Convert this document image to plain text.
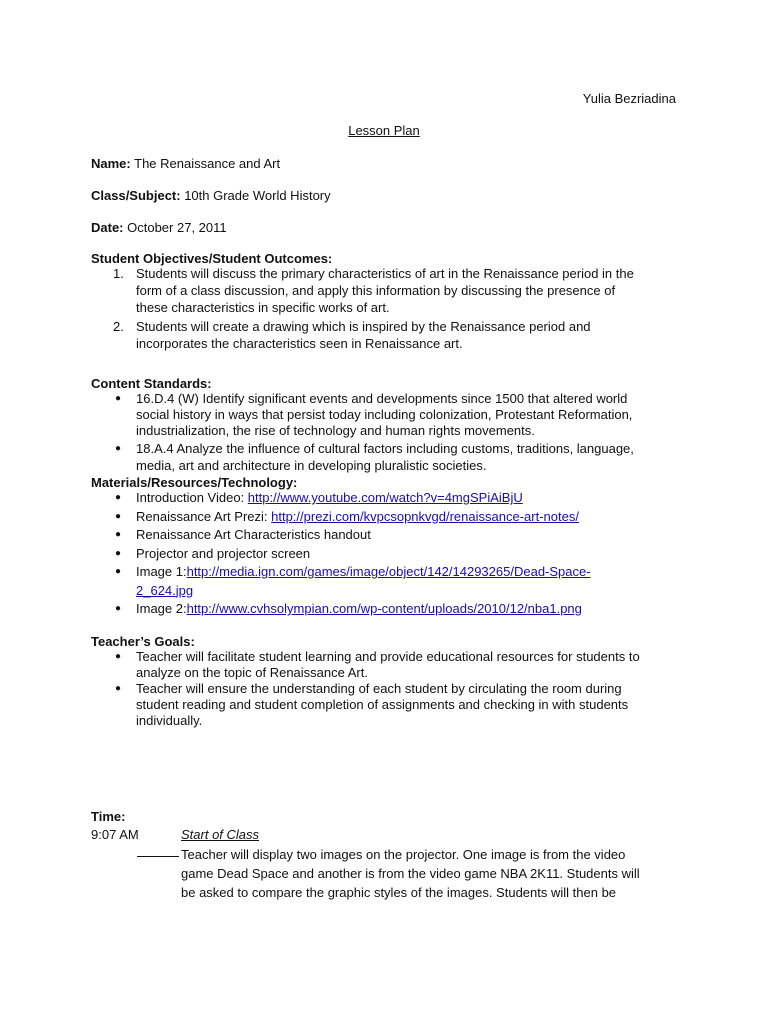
Yulia Bezriadina
Lesson Plan
Name: The Renaissance and Art
Class/Subject: 10th Grade World History
Date: October 27, 2011
Student Objectives/Student Outcomes:
1. Students will discuss the primary characteristics of art in the Renaissance period in the
form of a class discussion, and apply this information by discussing the presence of
these characteristics in specific works of art.
2. Students will create a drawing which is inspired by the Renaissance period and
incorporates the characteristics seen in Renaissance art.
Content Standards:
● 16.D.4 (W) Identify significant events and developments since 1500 that altered world
social history in ways that persist today including colonization, Protestant Reformation,
industrialization, the rise of technology and human rights movements.
● 18.A.4 Analyze the influence of cultural factors including customs, traditions, language,
media, art and architecture in developing pluralistic societies.
Materials/Resources/Technology:
● Introduction Video: http://www.youtube.com/watch?v=4mgSPiAiBjU
● Renaissance Art Prezi: http://prezi.com/kvpcsopnkvgd/renaissance-art-notes/
● Renaissance Art Characteristics handout
● Projector and projector screen
● Image 1:http://media.ign.com/games/image/object/142/14293265/Dead-Space-
2_624.jpg
● Image 2:http://www.cvhsolympian.com/wp-content/uploads/2010/12/nba1.png
Teacher’s Goals:
● Teacher will facilitate student learning and provide educational resources for students to
analyze on the topic of Renaissance Art.
● Teacher will ensure the understanding of each student by circulating the room during
student reading and student completion of assignments and checking in with students
individually.
Time:
9:07 AM	Start of Class
Teacher will display two images on the projector. One image is from the video
game Dead Space and another is from the video game NBA 2K11. Students will
be asked to compare the graphic styles of the images. Students will then be
